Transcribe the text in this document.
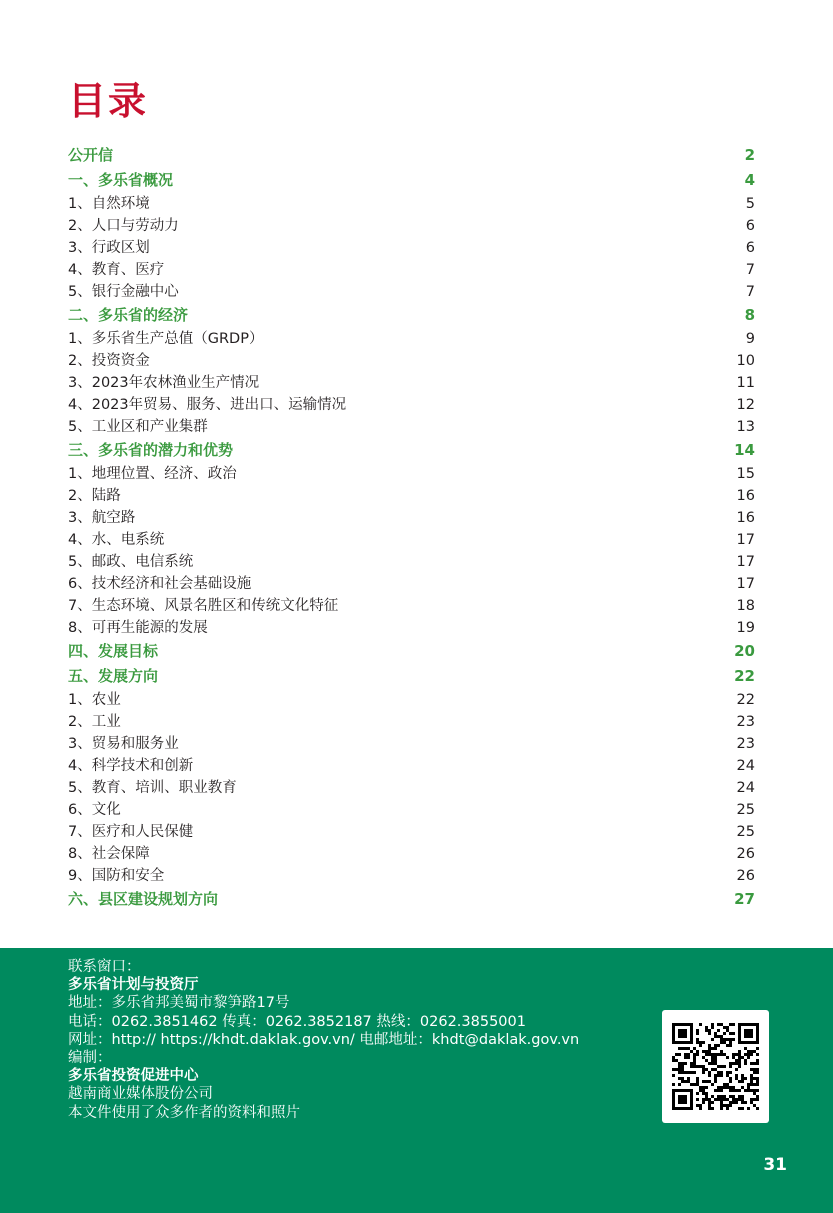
目录
公开信	2
一、多乐省概况	4
1、自然环境	5
2、人口与劳动力	6
3、行政区划	6
4、教育、医疗	7
5、银行金融中心	7
二、多乐省的经济	8
1、多乐省生产总值（GRDP）	9
2、投资资金	10
3、2023年农林渔业生产情况	11
4、2023年贸易、服务、进出口、运输情况	12
5、工业区和产业集群	13
三、多乐省的潜力和优势	14
1、地理位置、经济、政治	15
2、陆路	16
3、航空路	16
4、水、电系统	17
5、邮政、电信系统	17
6、技术经济和社会基础设施	17
7、生态环境、风景名胜区和传统文化特征	18
8、可再生能源的发展	19
四、发展目标	20
五、发展方向	22
1、农业	22
2、工业	23
3、贸易和服务业	23
4、科学技术和创新	24
5、教育、培训、职业教育	24
6、文化	25
7、医疗和人民保健	25
8、社会保障	26
9、国防和安全	26
六、县区建设规划方向	27
联系窗口：
多乐省计划与投资厅
地址：多乐省邦美蜀市黎笋路17号
电话：0262.3851462 传真：0262.3852187 热线：0262.3855001
网址：http:// https://khdt.daklak.gov.vn/ 电邮地址：khdt@daklak.gov.vn
编制：
多乐省投资促进中心
越南商业媒体股份公司
本文件使用了众多作者的资料和照片
31
